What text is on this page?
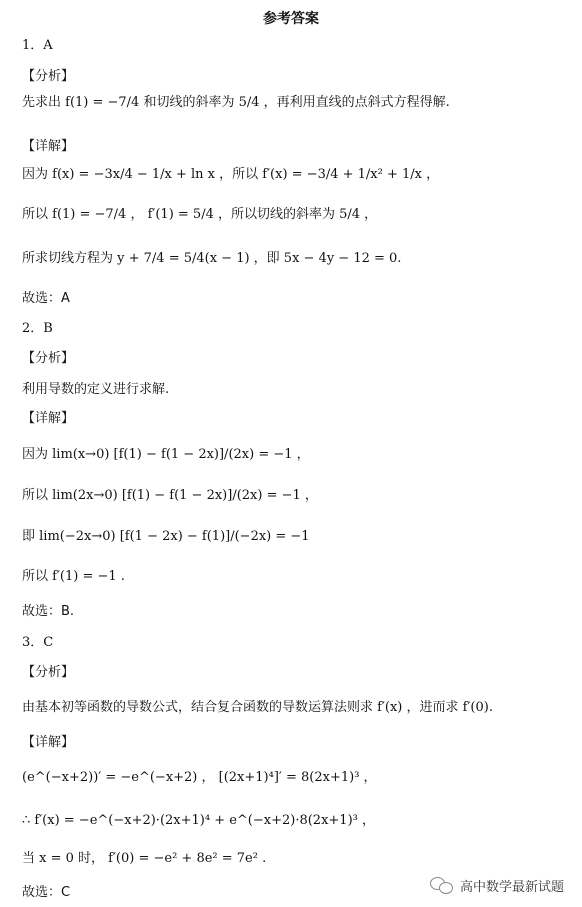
参考答案
1．A
【分析】
先求出 f(1) = −7/4 和切线的斜率为 5/4 ，再利用直线的点斜式方程得解.
【详解】
因为 f(x) = −3x/4 − 1/x + ln x ，所以 f′(x) = −3/4 + 1/x² + 1/x ，
所以 f(1) = −7/4 ， f′(1) = 5/4 ，所以切线的斜率为 5/4 ，
所求切线方程为 y + 7/4 = 5/4(x − 1) ，即 5x − 4y − 12 = 0.
故选：A
2．B
【分析】
利用导数的定义进行求解.
【详解】
因为 lim(x→0) [f(1) − f(1 − 2x)]/(2x) = −1 ，
所以 lim(2x→0) [f(1) − f(1 − 2x)]/(2x) = −1 ，
即 lim(−2x→0) [f(1 − 2x) − f(1)]/(−2x) = −1
所以 f′(1) = −1 .
故选：B.
3．C
【分析】
由基本初等函数的导数公式，结合复合函数的导数运算法则求 f′(x) ，进而求 f′(0).
【详解】
(e^(−x+2))′ = −e^(−x+2) ， [(2x+1)⁴]′ = 8(2x+1)³ ，
∴ f′(x) = −e^(−x+2)·(2x+1)⁴ + e^(−x+2)·8(2x+1)³ ，
当 x = 0 时， f′(0) = −e² + 8e² = 7e² .
故选：C	高中数学最新试题
